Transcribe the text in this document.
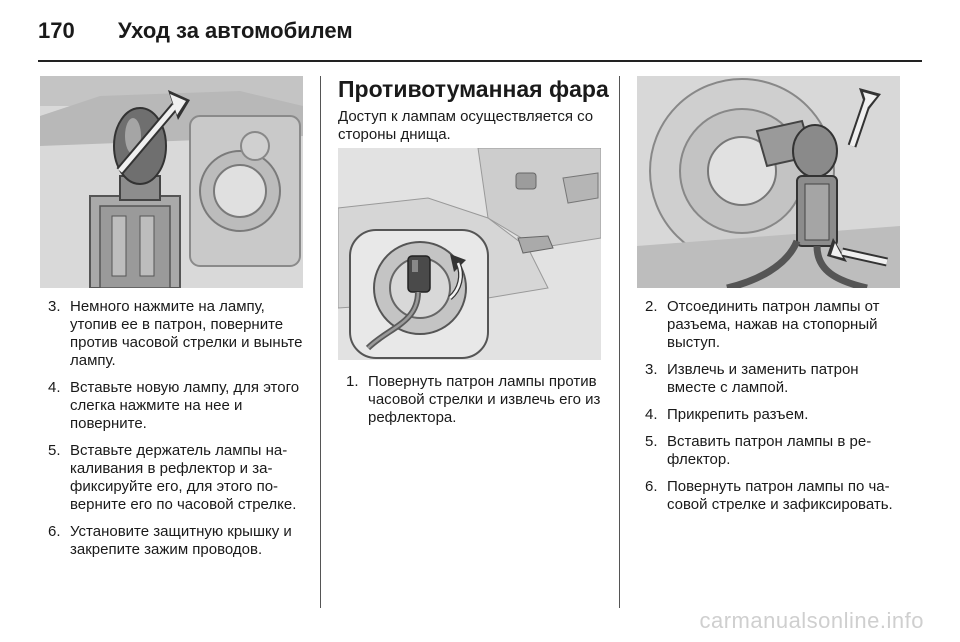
170 Уход за автомобилем
Противотуманная фара
Доступ к лампам осуществляется со стороны днища.
3. Немного нажмите на лампу, утопив ее в патрон, поверните против часовой стрелки и выньте лампу.
4. Вставьте новую лампу, для этого слегка нажмите на нее и поверните.
5. Вставьте держатель лампы накаливания в рефлектор и зафиксируйте его, для этого поверните его по часовой стрелке.
6. Установите защитную крышку и закрепите зажим проводов.
1. Повернуть патрон лампы против часовой стрелки и извлечь его из рефлектора.
2. Отсоединить патрон лампы от разъема, нажав на стопорный выступ.
3. Извлечь и заменить патрон вместе с лампой.
4. Прикрепить разъем.
5. Вставить патрон лампы в рефлектор.
6. Повернуть патрон лампы по часовой стрелке и зафиксировать.
carmanualsonline.info
